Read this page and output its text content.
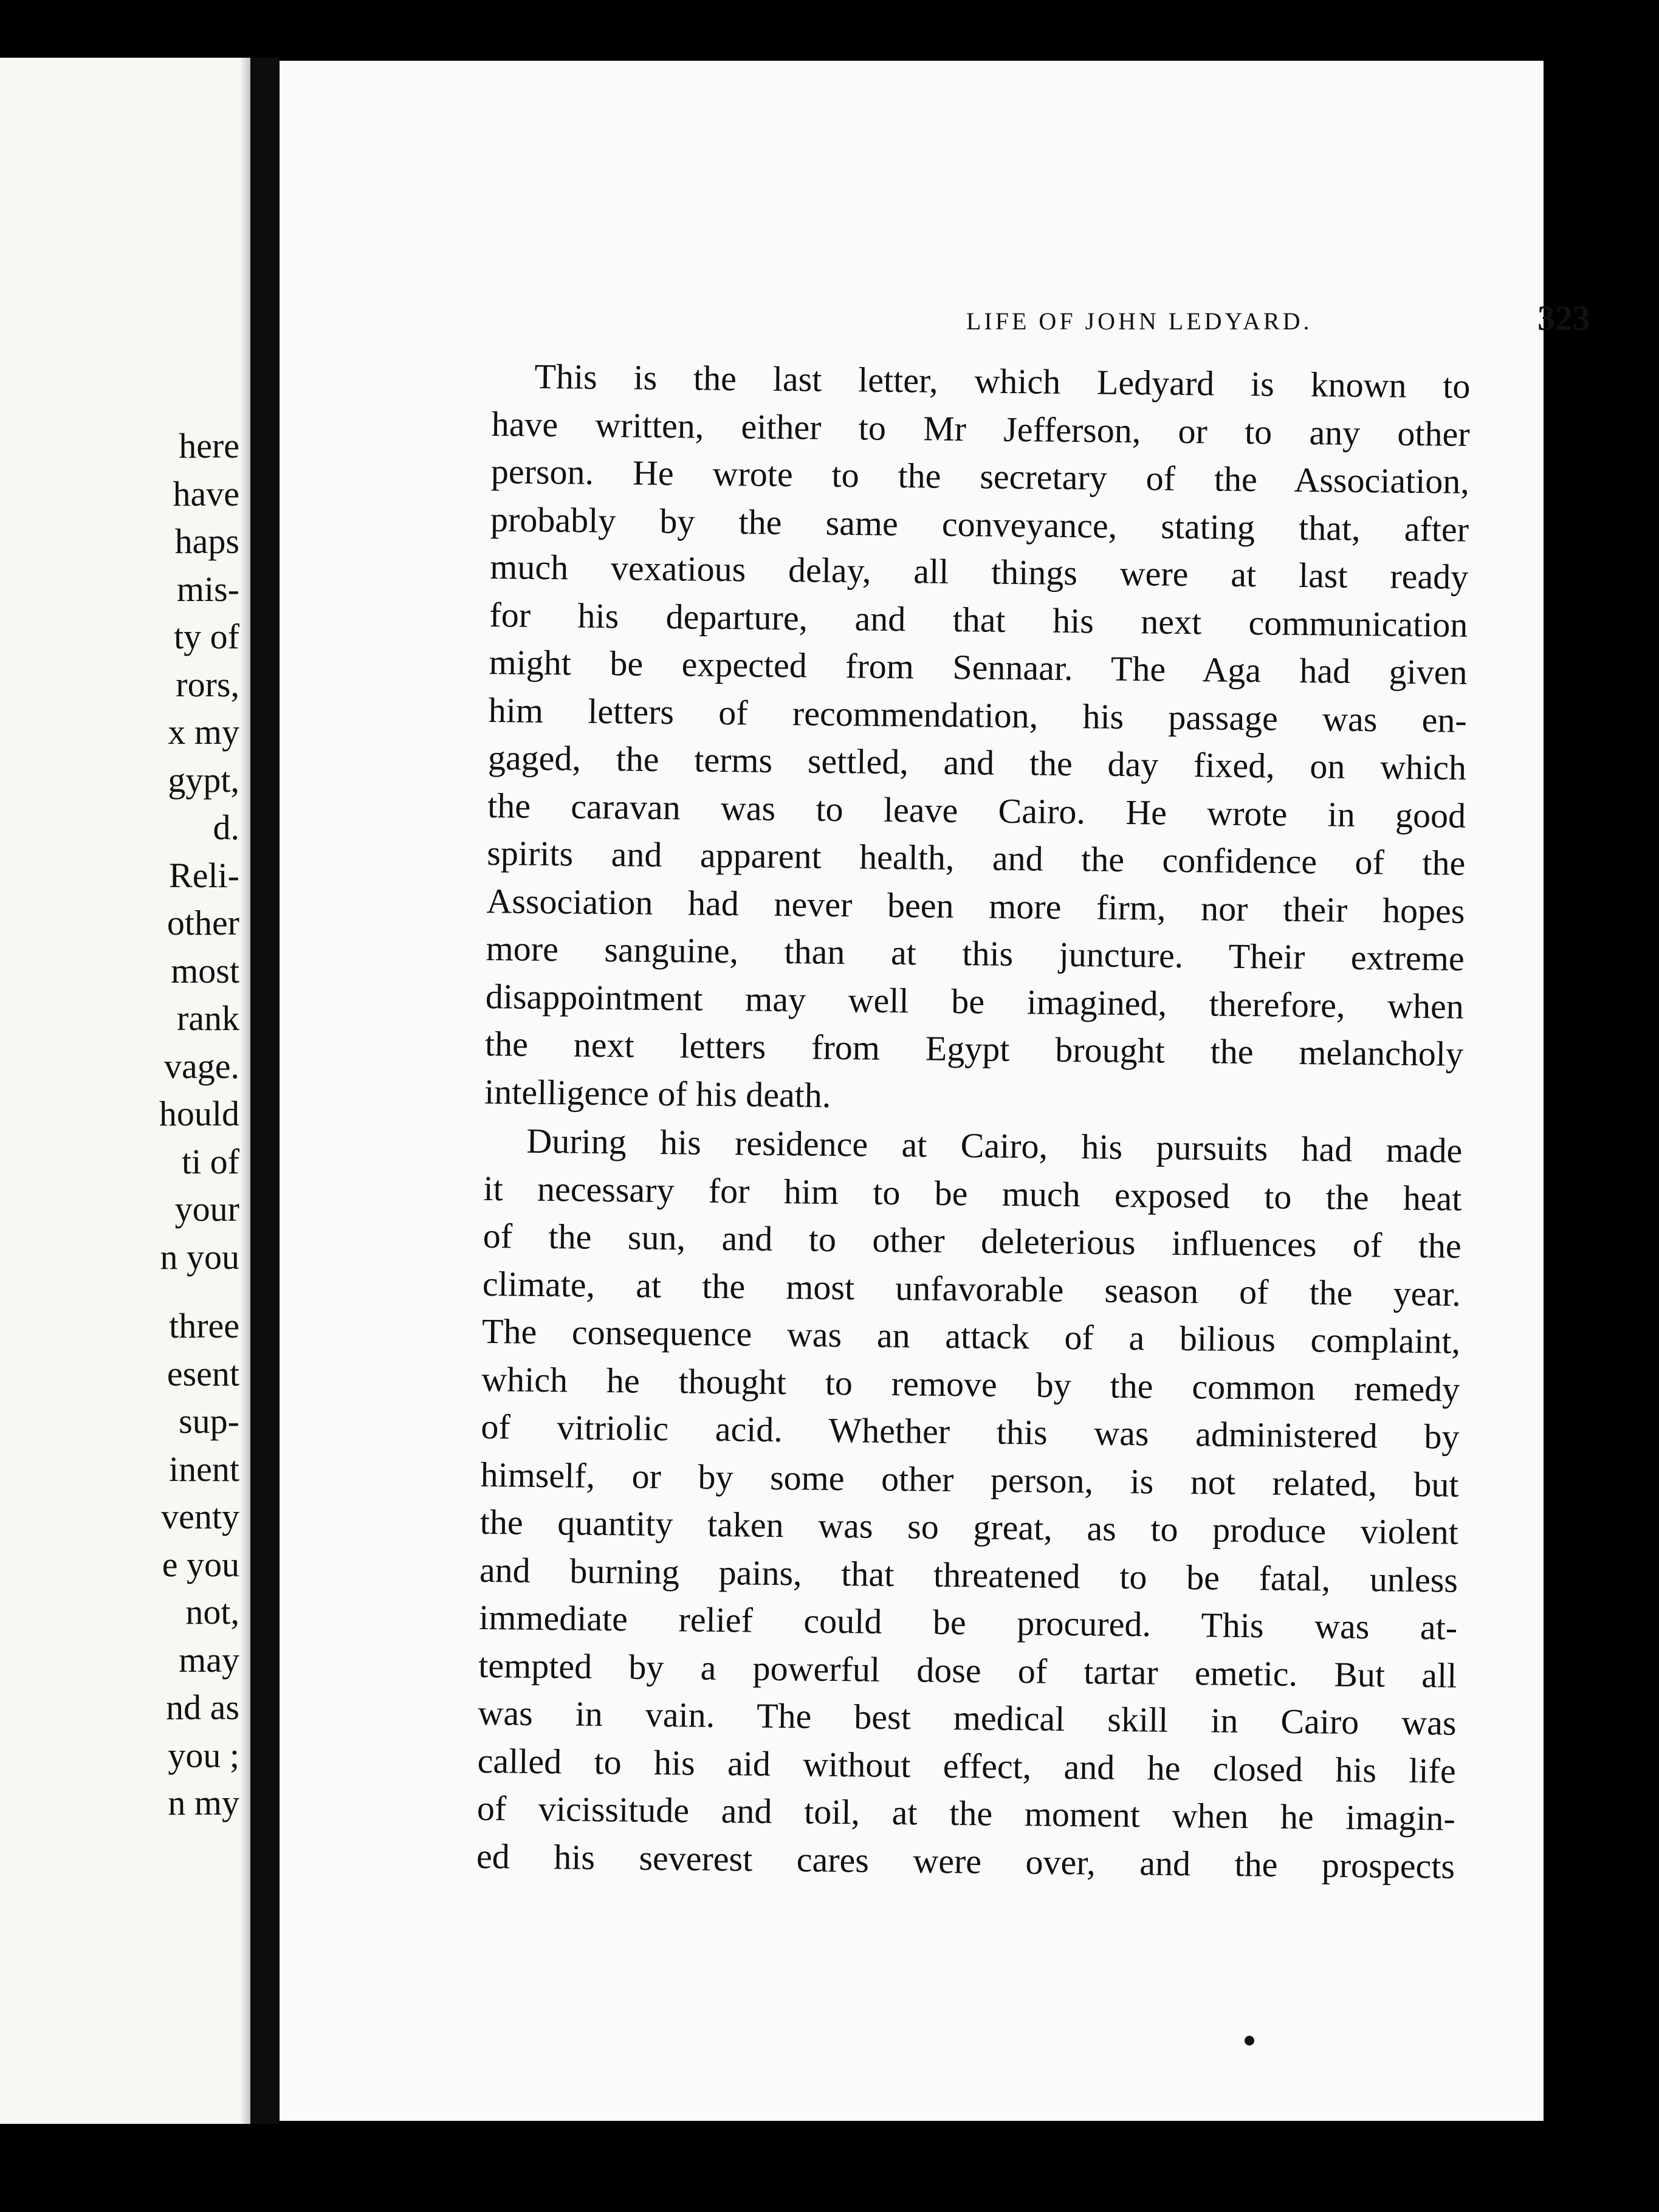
here
have
haps
mis-
ty of
rors,
x my
gypt,
d.
Reli-
other
most
rank
vage.
hould
ti of
your
n you
three
esent
sup-
inent
venty
e you
not,
may
nd as
you ;
n my
LIFE OF JOHN LEDYARD.	323
This is the last letter, which Ledyard is known to
have written, either to Mr Jefferson, or to any other
person. He wrote to the secretary of the Association,
probably by the same conveyance, stating that, after
much vexatious delay, all things were at last ready
for his departure, and that his next communication
might be expected from Sennaar. The Aga had given
him letters of recommendation, his passage was en-
gaged, the terms settled, and the day fixed, on which
the caravan was to leave Cairo. He wrote in good
spirits and apparent health, and the confidence of the
Association had never been more firm, nor their hopes
more sanguine, than at this juncture. Their extreme
disappointment may well be imagined, therefore, when
the next letters from Egypt brought the melancholy
intelligence of his death.
During his residence at Cairo, his pursuits had made
it necessary for him to be much exposed to the heat
of the sun, and to other deleterious influences of the
climate, at the most unfavorable season of the year.
The consequence was an attack of a bilious complaint,
which he thought to remove by the common remedy
of vitriolic acid. Whether this was administered by
himself, or by some other person, is not related, but
the quantity taken was so great, as to produce violent
and burning pains, that threatened to be fatal, unless
immediate relief could be procured. This was at-
tempted by a powerful dose of tartar emetic. But all
was in vain. The best medical skill in Cairo was
called to his aid without effect, and he closed his life
of vicissitude and toil, at the moment when he imagin-
ed his severest cares were over, and the prospects
